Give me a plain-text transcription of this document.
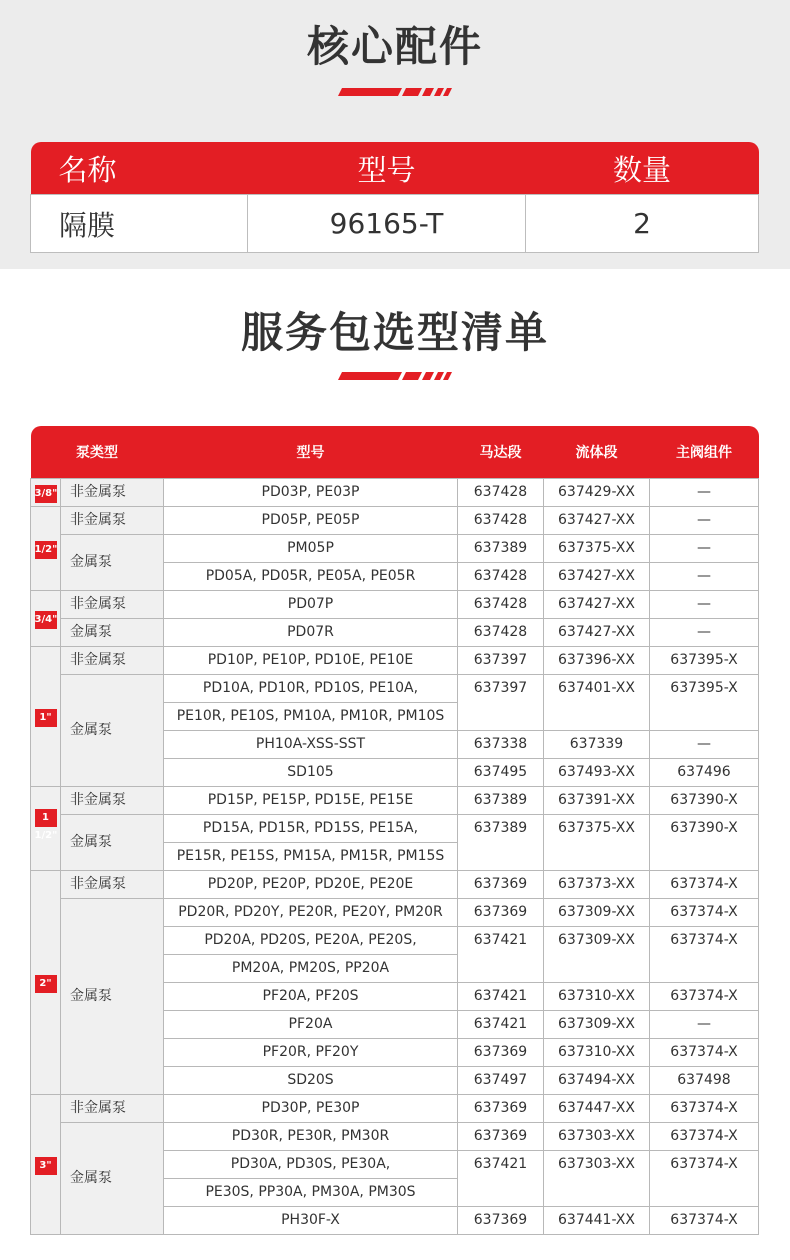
核心配件
名称	型号	数量
隔膜	96165-T	2
服务包选型清单
泵类型		型号	马达段	流体段	主阀组件
3/8"	非金属泵	PD03P, PE03P	637428	637429-XX	—
1/2"	非金属泵	PD05P, PE05P	637428	637427-XX	—
	金属泵	PM05P	637389	637375-XX	—
		PD05A, PD05R, PE05A, PE05R	637428	637427-XX	—
3/4"	非金属泵	PD07P	637428	637427-XX	—
	金属泵	PD07R	637428	637427-XX	—
1"	非金属泵	PD10P, PE10P, PD10E, PE10E	637397	637396-XX	637395-X
	金属泵	PD10A, PD10R, PD10S, PE10A,	637397	637401-XX	637395-X
		PE10R, PE10S, PM10A, PM10R, PM10S			
		PH10A-XSS-SST	637338	637339	—
		SD105	637495	637493-XX	637496
1 1/2"	非金属泵	PD15P, PE15P, PD15E, PE15E	637389	637391-XX	637390-X
	金属泵	PD15A, PD15R, PD15S, PE15A,	637389	637375-XX	637390-X
		PE15R, PE15S, PM15A, PM15R, PM15S			
2"	非金属泵	PD20P, PE20P, PD20E, PE20E	637369	637373-XX	637374-X
	金属泵	PD20R, PD20Y, PE20R, PE20Y, PM20R	637369	637309-XX	637374-X
		PD20A, PD20S, PE20A, PE20S,	637421	637309-XX	637374-X
		PM20A, PM20S, PP20A			
		PF20A, PF20S	637421	637310-XX	637374-X
		PF20A	637421	637309-XX	—
		PF20R, PF20Y	637369	637310-XX	637374-X
		SD20S	637497	637494-XX	637498
3"	非金属泵	PD30P, PE30P	637369	637447-XX	637374-X
	金属泵	PD30R, PE30R, PM30R	637369	637303-XX	637374-X
		PD30A, PD30S, PE30A,	637421	637303-XX	637374-X
		PE30S, PP30A, PM30A, PM30S			
		PH30F-X	637369	637441-XX	637374-X
